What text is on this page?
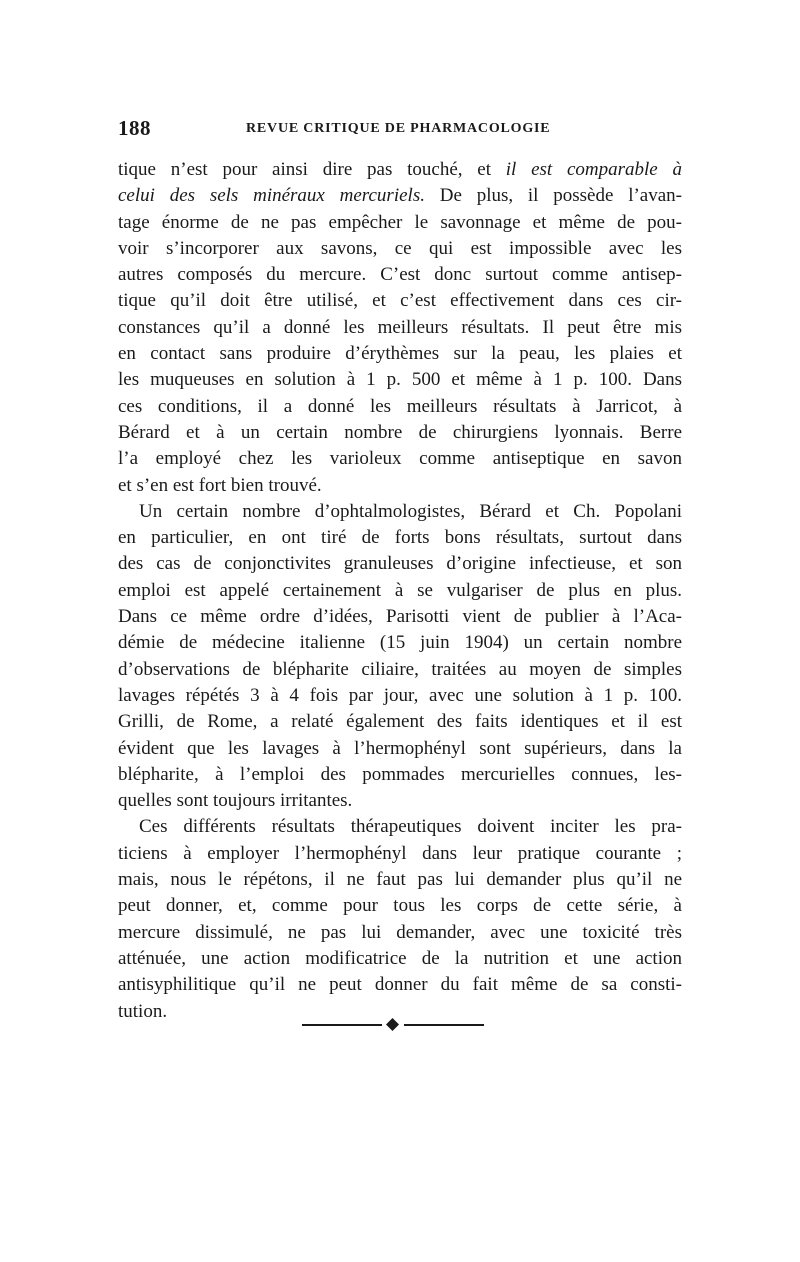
188	REVUE CRITIQUE DE PHARMACOLOGIE
tique n’est pour ainsi dire pas touché, et il est comparable à
celui des sels minéraux mercuriels. De plus, il possède l’avan-
tage énorme de ne pas empêcher le savonnage et même de pou-
voir s’incorporer aux savons, ce qui est impossible avec les
autres composés du mercure. C’est donc surtout comme antisep-
tique qu’il doit être utilisé, et c’est effectivement dans ces cir-
constances qu’il a donné les meilleurs résultats. Il peut être mis
en contact sans produire d’érythèmes sur la peau, les plaies et
les muqueuses en solution à 1 p. 500 et même à 1 p. 100. Dans
ces conditions, il a donné les meilleurs résultats à Jarricot, à
Bérard et à un certain nombre de chirurgiens lyonnais. Berre
l’a employé chez les varioleux comme antiseptique en savon
et s’en est fort bien trouvé.
Un certain nombre d’ophtalmologistes, Bérard et Ch. Popolani
en particulier, en ont tiré de forts bons résultats, surtout dans
des cas de conjonctivites granuleuses d’origine infectieuse, et son
emploi est appelé certainement à se vulgariser de plus en plus.
Dans ce même ordre d’idées, Parisotti vient de publier à l’Aca-
démie de médecine italienne (15 juin 1904) un certain nombre
d’observations de blépharite ciliaire, traitées au moyen de simples
lavages répétés 3 à 4 fois par jour, avec une solution à 1 p. 100.
Grilli, de Rome, a relaté également des faits identiques et il est
évident que les lavages à l’hermophényl sont supérieurs, dans la
blépharite, à l’emploi des pommades mercurielles connues, les-
quelles sont toujours irritantes.
Ces différents résultats thérapeutiques doivent inciter les pra-
ticiens à employer l’hermophényl dans leur pratique courante ;
mais, nous le répétons, il ne faut pas lui demander plus qu’il ne
peut donner, et, comme pour tous les corps de cette série, à
mercure dissimulé, ne pas lui demander, avec une toxicité très
atténuée, une action modificatrice de la nutrition et une action
antisyphilitique qu’il ne peut donner du fait même de sa consti-
tution.
